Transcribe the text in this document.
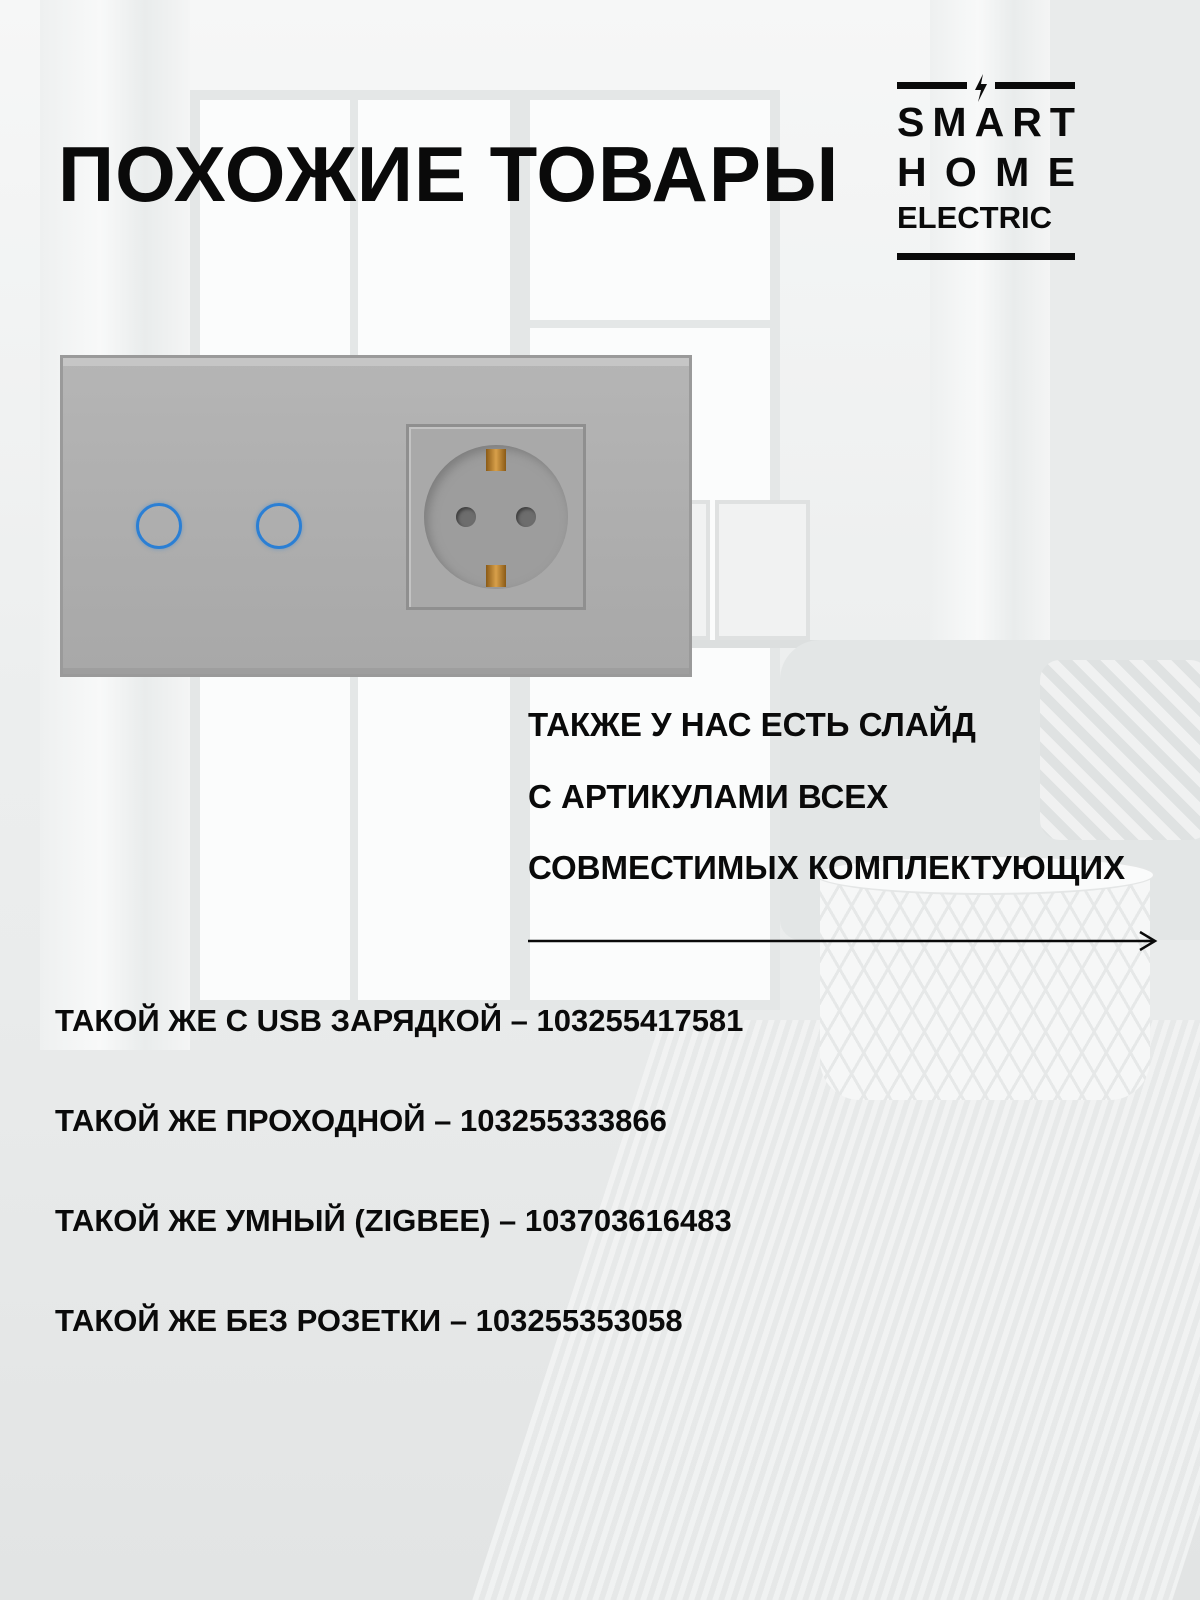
ПОХОЖИЕ ТОВАРЫ
S M A R T
H O M E
ELECTRIC
ТАКЖЕ У НАС ЕСТЬ СЛАЙД
С АРТИКУЛАМИ ВСЕХ
СОВМЕСТИМЫХ КОМПЛЕКТУЮЩИХ
ТАКОЙ ЖЕ С USB ЗАРЯДКОЙ – 103255417581
ТАКОЙ ЖЕ ПРОХОДНОЙ – 103255333866
ТАКОЙ ЖЕ УМНЫЙ (ZIGBEE) – 103703616483
ТАКОЙ ЖЕ БЕЗ РОЗЕТКИ – 103255353058
